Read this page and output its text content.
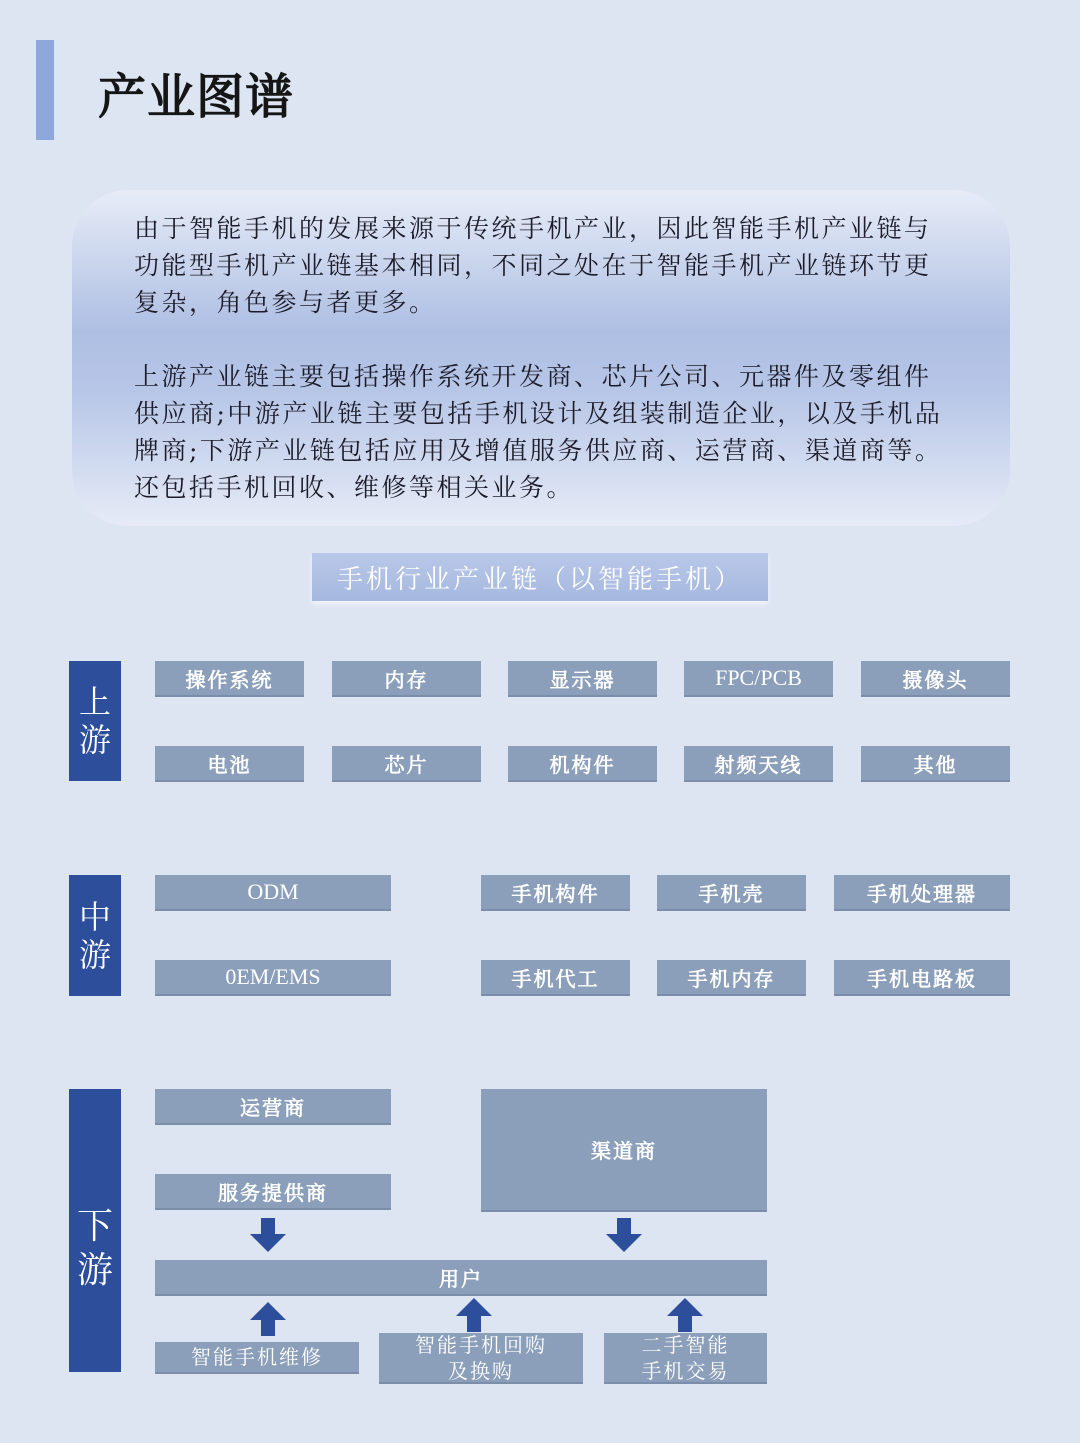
产业图谱

由于智能手机的发展来源于传统手机产业，因此智能手机产业链与功能型手机产业链基本相同，不同之处在于智能手机产业链环节更复杂，角色参与者更多。

上游产业链主要包括操作系统开发商、芯片公司、元器件及零组件供应商;中游产业链主要包括手机设计及组装制造企业，以及手机品牌商;下游产业链包括应用及增值服务供应商、运营商、渠道商等。还包括手机回收、维修等相关业务。

手机行业产业链（以智能手机）
上游
操作系统	内存	显示器	FPC/PCB	摄像头
电池	芯片	机构件	射频天线	其他
中游
ODM
0EM/EMS
手机构件	手机壳	手机处理器
手机代工	手机内存	手机电路板
下游
运营商
服务提供商
渠道商
用户
智能手机维修
智能手机回购
及换购
二手智能
手机交易
